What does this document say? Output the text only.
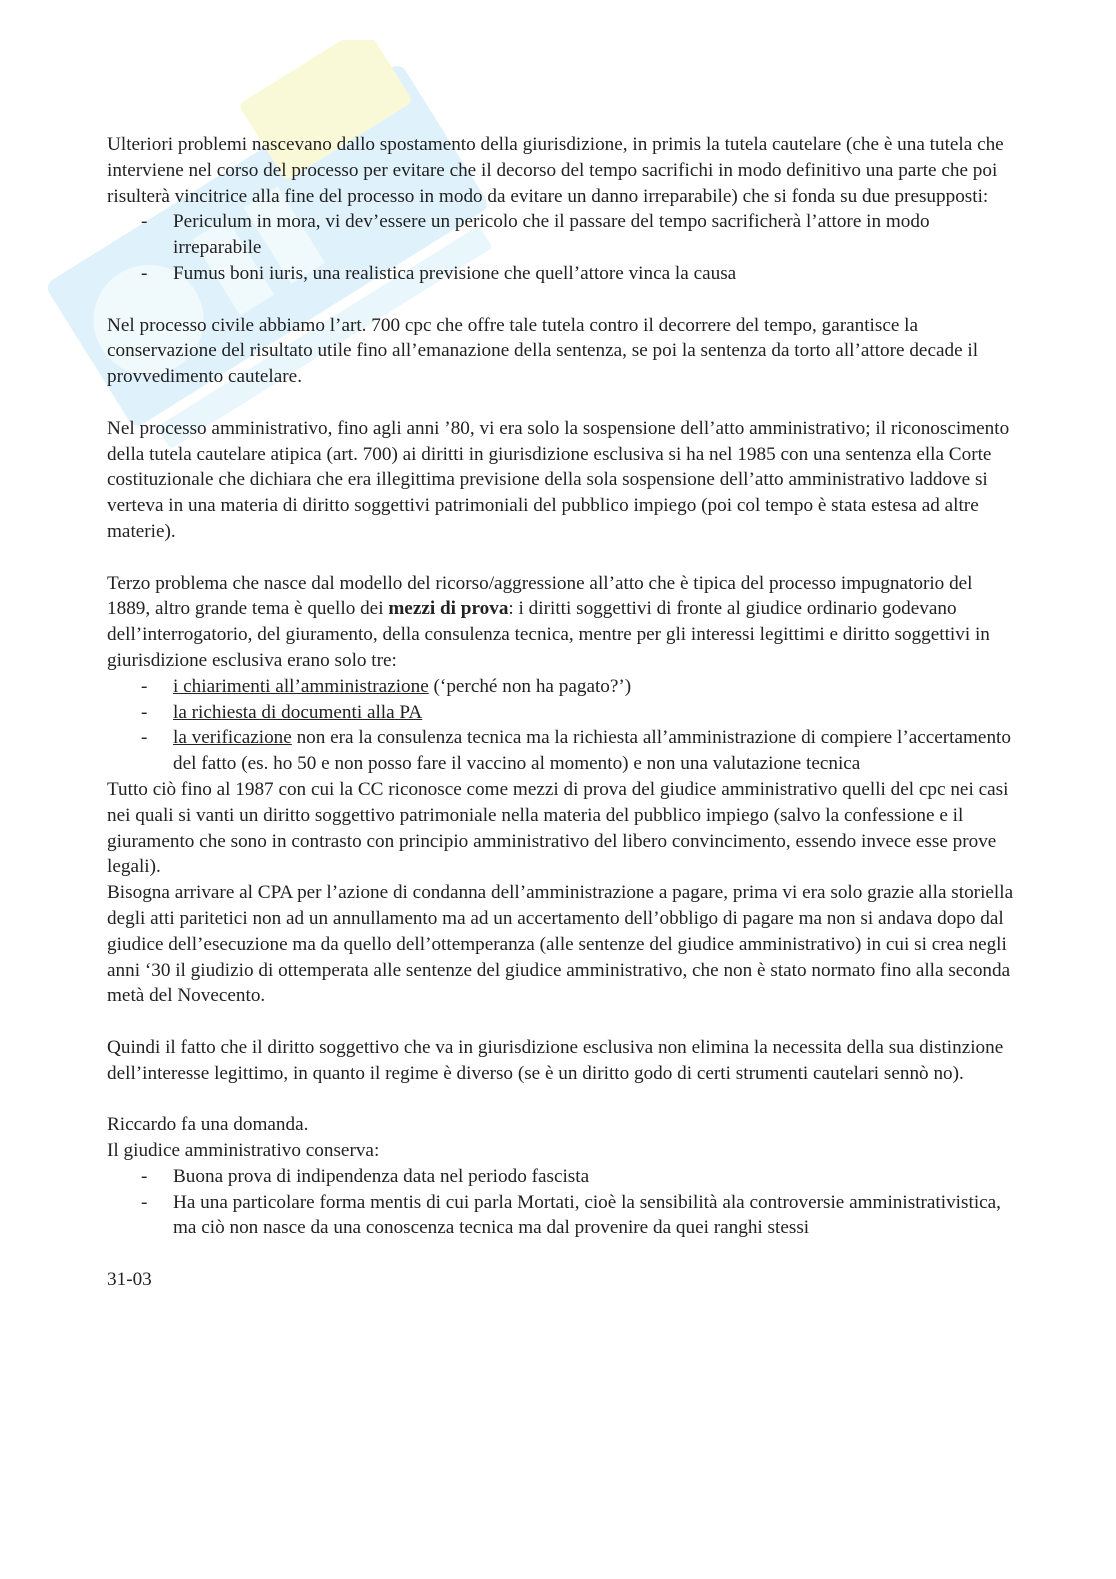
Ulteriori problemi nascevano dallo spostamento della giurisdizione, in primis la tutela cautelare (che è una tutela che interviene nel corso del processo per evitare che il decorso del tempo sacrifichi in modo definitivo una parte che poi risulterà vincitrice alla fine del processo in modo da evitare un danno irreparabile) che si fonda su due presupposti:

- Periculum in mora, vi dev’essere un pericolo che il passare del tempo sacrificherà l’attore in modo irreparabile
- Fumus boni iuris, una realistica previsione che quell’attore vinca la causa

Nel processo civile abbiamo l’art. 700 cpc che offre tale tutela contro il decorrere del tempo, garantisce la conservazione del risultato utile fino all’emanazione della sentenza, se poi la sentenza da torto all’attore decade il provvedimento cautelare.

Nel processo amministrativo, fino agli anni ’80, vi era solo la sospensione dell’atto amministrativo; il riconoscimento della tutela cautelare atipica (art. 700) ai diritti in giurisdizione esclusiva si ha nel 1985 con una sentenza ella Corte costituzionale che dichiara che era illegittima previsione della sola sospensione dell’atto amministrativo laddove si verteva in una materia di diritto soggettivi patrimoniali del pubblico impiego (poi col tempo è stata estesa ad altre materie).

Terzo problema che nasce dal modello del ricorso/aggressione all’atto che è tipica del processo impugnatorio del 1889, altro grande tema è quello dei mezzi di prova: i diritti soggettivi di fronte al giudice ordinario godevano dell’interrogatorio, del giuramento, della consulenza tecnica, mentre per gli interessi legittimi e diritto soggettivi in giurisdizione esclusiva erano solo tre:

- i chiarimenti all’amministrazione (‘perché non ha pagato?’)
- la richiesta di documenti alla PA
- la verificazione non era la consulenza tecnica ma la richiesta all’amministrazione di compiere l’accertamento del fatto (es. ho 50 e non posso fare il vaccino al momento) e non una valutazione tecnica

Tutto ciò fino al 1987 con cui la CC riconosce come mezzi di prova del giudice amministrativo quelli del cpc nei casi nei quali si vanti un diritto soggettivo patrimoniale nella materia del pubblico impiego (salvo la confessione e il giuramento che sono in contrasto con principio amministrativo del libero convincimento, essendo invece esse prove legali).

Bisogna arrivare al CPA per l’azione di condanna dell’amministrazione a pagare, prima vi era solo grazie alla storiella degli atti paritetici non ad un annullamento ma ad un accertamento dell’obbligo di pagare ma non si andava dopo dal giudice dell’esecuzione ma da quello dell’ottemperanza (alle sentenze del giudice amministrativo) in cui si crea negli anni ‘30 il giudizio di ottemperata alle sentenze del giudice amministrativo, che non è stato normato fino alla seconda metà del Novecento.

Quindi il fatto che il diritto soggettivo che va in giurisdizione esclusiva non elimina la necessita della sua distinzione dell’interesse legittimo, in quanto il regime è diverso (se è un diritto godo di certi strumenti cautelari sennò no).

Riccardo fa una domanda.

Il giudice amministrativo conserva:

- Buona prova di indipendenza data nel periodo fascista
- Ha una particolare forma mentis di cui parla Mortati, cioè la sensibilità ala controversie amministrativistica, ma ciò non nasce da una conoscenza tecnica ma dal provenire da quei ranghi stessi

31-03
